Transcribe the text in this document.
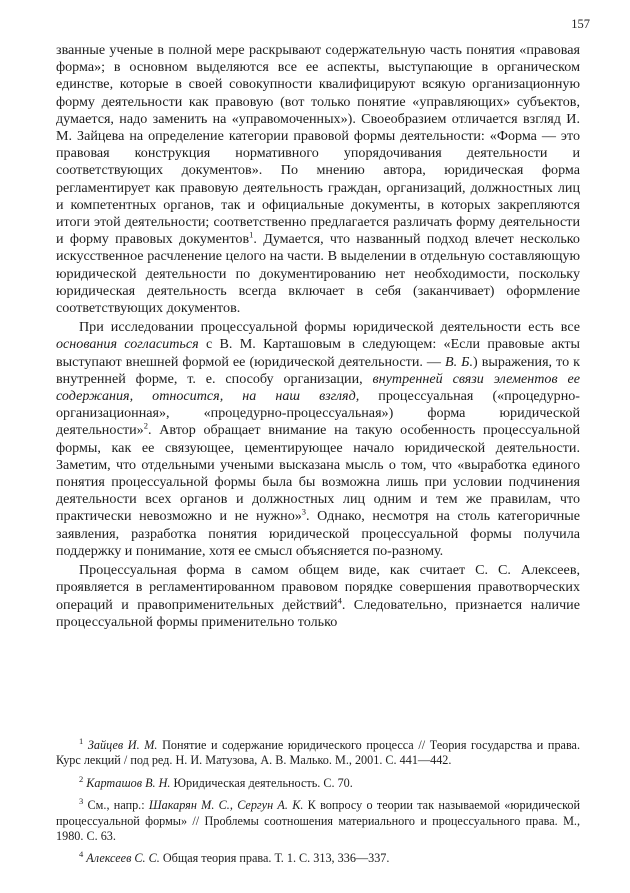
157

званные ученые в полной мере раскрывают содержательную часть понятия «правовая форма»; в основном выделяются все ее аспекты, выступающие в органическом единстве, которые в своей совокупности квалифицируют всякую организационную форму деятельности как правовую (вот только понятие «управляющих» субъектов, думается, надо заменить на «управомоченных»). Своеобразием отличается взгляд И. М. Зайцева на определение категории правовой формы деятельности: «Форма — это правовая конструкция нормативного упорядочивания деятельности и соответствующих документов». По мнению автора, юридическая форма регламентирует как правовую деятельность граждан, организаций, должностных лиц и компетентных органов, так и официальные документы, в которых закрепляются итоги этой деятельности; соответственно предлагается различать форму деятельности и форму правовых документов$^1$. Думается, что названный подход влечет несколько искусственное расчленение целого на части. В выделении в отдельную составляющую юридической деятельности по документированию нет необходимости, поскольку юридическая деятельность всегда включает в себя (заканчивает) оформление соответствующих документов.

При исследовании процессуальной формы юридической деятельности есть все основания согласиться с В. М. Карташовым в следующем: «Если правовые акты выступают внешней формой ее (юридической деятельности. — В. Б.) выражения, то к внутренней форме, т. е. способу организации, внутренней связи элементов ее содержания, относится, на наш взгляд, процессуальная («процедурно-организационная», «процедурно-процессуальная») форма юридической деятельности»$^2$. Автор обращает внимание на такую особенность процессуальной формы, как ее связующее, цементирующее начало юридической деятельности. Заметим, что отдельными учеными высказана мысль о том, что «выработка единого понятия процессуальной формы была бы возможна лишь при условии подчинения деятельности всех органов и должностных лиц одним и тем же правилам, что практически невозможно и не нужно»$^3$. Однако, несмотря на столь категоричные заявления, разработка понятия юридической процессуальной формы получила поддержку и понимание, хотя ее смысл объясняется по-разному.

Процессуальная форма в самом общем виде, как считает С. С. Алексеев, проявляется в регламентированном правовом порядке совершения правотворческих операций и правоприменительных действий$^4$. Следовательно, признается наличие процессуальной формы применительно только

$^1$ Зайцев И. М. Понятие и содержание юридического процесса // Теория государства и права. Курс лекций / под ред. Н. И. Матузова, А. В. Малько. М., 2001. С. 441—442.

$^2$ Карташов В. Н. Юридическая деятельность. С. 70.

$^3$ См., напр.: Шакарян М. С., Сергун А. К. К вопросу о теории так называемой «юридической процессуальной формы» // Проблемы соотношения материального и процессуального права. М., 1980. С. 63.

$^4$ Алексеев С. С. Общая теория права. Т. 1. С. 313, 336—337.
